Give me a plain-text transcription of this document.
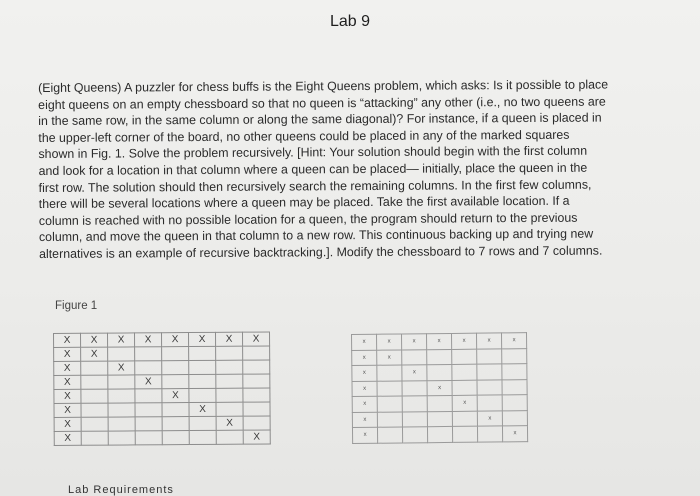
Lab 9
(Eight Queens) A puzzler for chess buffs is the Eight Queens problem, which asks: Is it possible to place
eight queens on an empty chessboard so that no queen is “attacking” any other (i.e., no two queens are
in the same row, in the same column or along the same diagonal)? For instance, if a queen is placed in
the upper-left corner of the board, no other queens could be placed in any of the marked squares
shown in Fig. 1. Solve the problem recursively. [Hint: Your solution should begin with the first column
and look for a location in that column where a queen can be placed— initially, place the queen in the
first row. The solution should then recursively search the remaining columns. In the first few columns,
there will be several locations where a queen may be placed. Take the first available location. If a
column is reached with no possible location for a queen, the program should return to the previous
column, and move the queen in that column to a new row. This continuous backing up and trying new
alternatives is an example of recursive backtracking.]. Modify the chessboard to 7 rows and 7 columns.
Figure 1
X	X	X	X	X	X	X	X
X	X						
X		X					
X			X				
X				X			
X					X		
X						X	
X							X
x	x	x	x	x	x	x
x	x					
x		x				
x			x			
x				x		
x					x	
x						x
Lab Requirements
